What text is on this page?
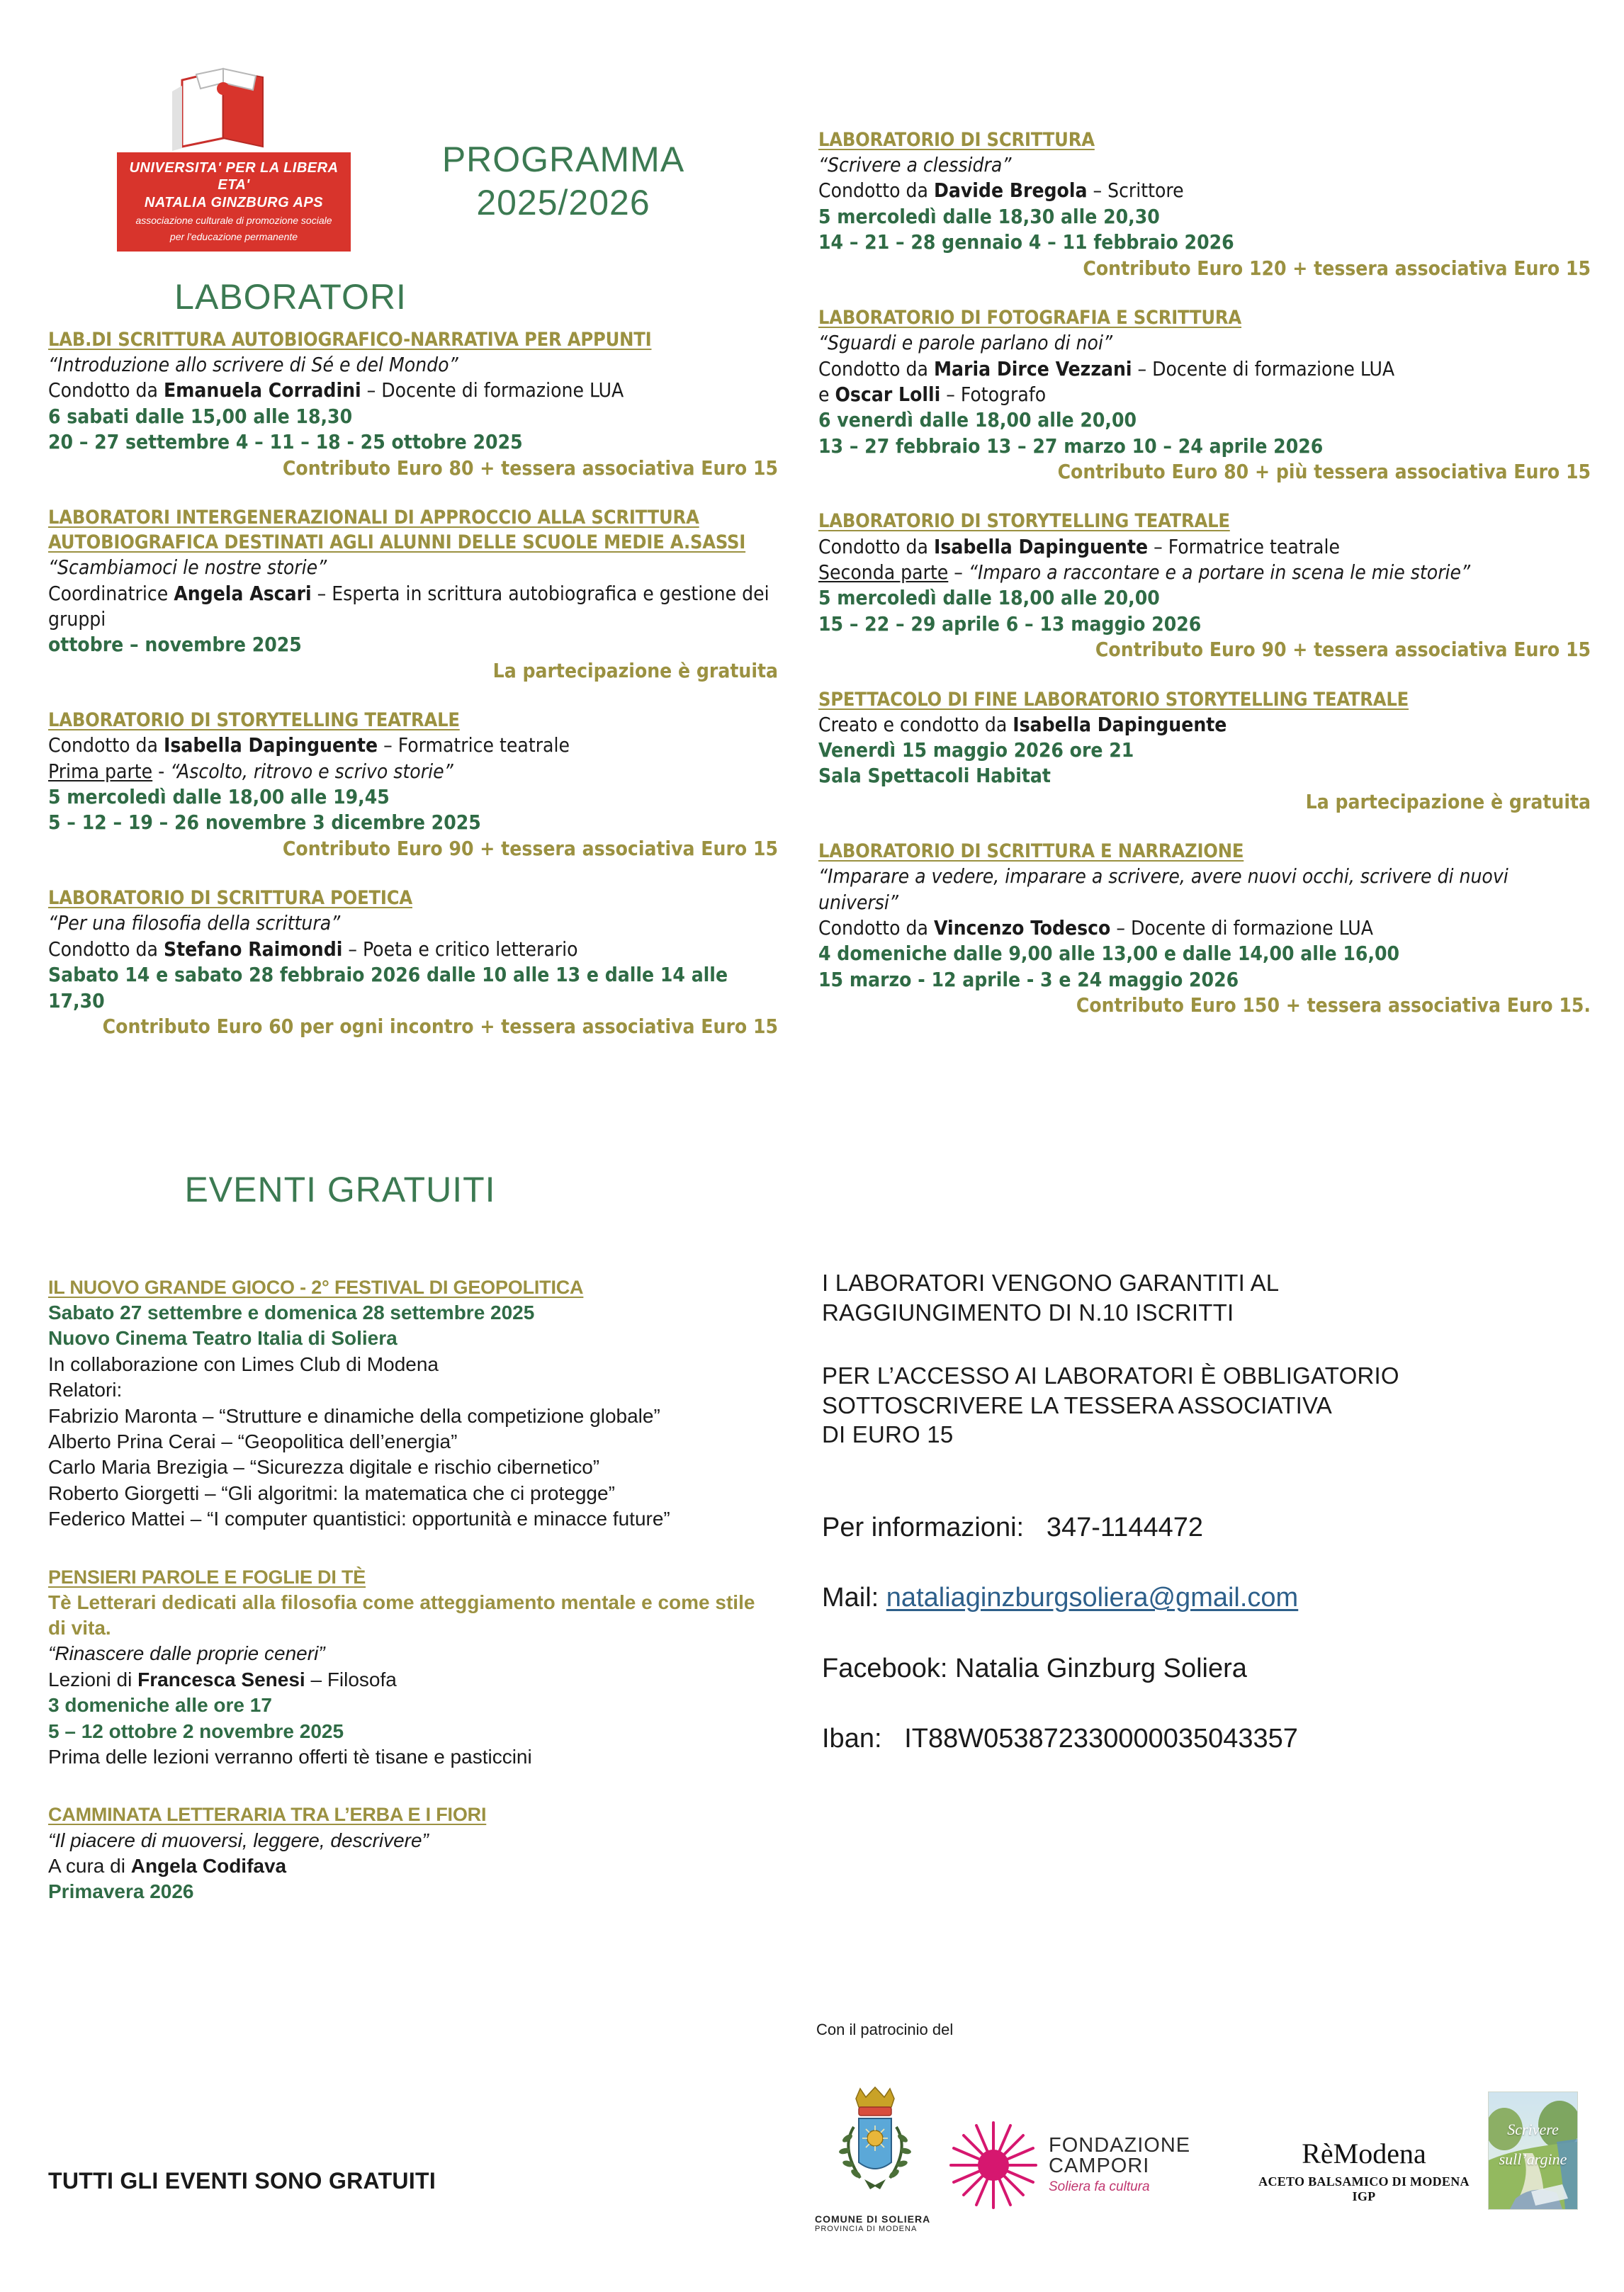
UNIVERSITA' PER LA LIBERA ETA'
NATALIA GINZBURG APS
associazione culturale di promozione sociale
per l'educazione permanente
PROGRAMMA
2025/2026
LABORATORI
LAB.DI SCRITTURA AUTOBIOGRAFICO-NARRATIVA PER APPUNTI
“Introduzione allo scrivere di Sé e del Mondo”
Condotto da Emanuela Corradini – Docente di formazione LUA
6 sabati dalle 15,00 alle 18,30
20 – 27 settembre 4 – 11 – 18 - 25 ottobre 2025
Contributo Euro 80 + tessera associativa Euro 15
LABORATORI INTERGENERAZIONALI DI APPROCCIO ALLA SCRITTURA AUTOBIOGRAFICA DESTINATI AGLI ALUNNI DELLE SCUOLE MEDIE A.SASSI
“Scambiamoci le nostre storie”
Coordinatrice Angela Ascari – Esperta in scrittura autobiografica e gestione dei gruppi
ottobre – novembre 2025
La partecipazione è gratuita
LABORATORIO DI STORYTELLING TEATRALE
Condotto da Isabella Dapinguente – Formatrice teatrale
Prima parte - “Ascolto, ritrovo e scrivo storie”
5 mercoledì dalle 18,00 alle 19,45
5 – 12 – 19 – 26 novembre 3 dicembre 2025
Contributo Euro 90 + tessera associativa Euro 15
LABORATORIO DI SCRITTURA POETICA
“Per una filosofia della scrittura”
Condotto da Stefano Raimondi – Poeta e critico letterario
Sabato 14 e sabato 28 febbraio 2026 dalle 10 alle 13 e dalle 14 alle 17,30
Contributo Euro 60 per ogni incontro + tessera associativa Euro 15
LABORATORIO DI SCRITTURA
“Scrivere a clessidra”
Condotto da Davide Bregola – Scrittore
5 mercoledì dalle 18,30 alle 20,30
14 – 21 – 28 gennaio 4 – 11 febbraio 2026
Contributo Euro 120 + tessera associativa Euro 15
LABORATORIO DI FOTOGRAFIA E SCRITTURA
“Sguardi e parole parlano di noi”
Condotto da Maria Dirce Vezzani – Docente di formazione LUA
e Oscar Lolli – Fotografo
6 venerdì dalle 18,00 alle 20,00
13 – 27 febbraio 13 – 27 marzo 10 – 24 aprile 2026
Contributo Euro 80 + più tessera associativa Euro 15
LABORATORIO DI STORYTELLING TEATRALE
Condotto da Isabella Dapinguente – Formatrice teatrale
Seconda parte – “Imparo a raccontare e a portare in scena le mie storie”
5 mercoledì dalle 18,00 alle 20,00
15 – 22 – 29 aprile 6 – 13 maggio 2026
Contributo Euro 90 + tessera associativa Euro 15
SPETTACOLO DI FINE LABORATORIO STORYTELLING TEATRALE
Creato e condotto da Isabella Dapinguente
Venerdì 15 maggio 2026 ore 21
Sala Spettacoli Habitat
La partecipazione è gratuita
LABORATORIO DI SCRITTURA E NARRAZIONE
“Imparare a vedere, imparare a scrivere, avere nuovi occhi, scrivere di nuovi universi”
Condotto da Vincenzo Todesco – Docente di formazione LUA
4 domeniche dalle 9,00 alle 13,00 e dalle 14,00 alle 16,00
15 marzo - 12 aprile - 3 e 24 maggio 2026
Contributo Euro 150 + tessera associativa Euro 15.
EVENTI GRATUITI
IL NUOVO GRANDE GIOCO - 2° FESTIVAL DI GEOPOLITICA
Sabato 27 settembre e domenica 28 settembre 2025
Nuovo Cinema Teatro Italia di Soliera
In collaborazione con Limes Club di Modena
Relatori:
Fabrizio Maronta – “Strutture e dinamiche della competizione globale”
Alberto Prina Cerai – “Geopolitica dell’energia”
Carlo Maria Brezigia – “Sicurezza digitale e rischio cibernetico”
Roberto Giorgetti – “Gli algoritmi: la matematica che ci protegge”
Federico Mattei – “I computer quantistici: opportunità e minacce future”
PENSIERI PAROLE E FOGLIE DI TÈ
Tè Letterari dedicati alla filosofia come atteggiamento mentale e come stile di vita.
“Rinascere dalle proprie ceneri”
Lezioni di Francesca Senesi – Filosofa
3 domeniche alle ore 17
5 – 12 ottobre 2 novembre 2025
Prima delle lezioni verranno offerti tè tisane e pasticcini
CAMMINATA LETTERARIA TRA L’ERBA E I FIORI
“Il piacere di muoversi, leggere, descrivere”
A cura di Angela Codifava
Primavera 2026
TUTTI GLI EVENTI SONO GRATUITI

I LABORATORI VENGONO GARANTITI AL

RAGGIUNGIMENTO DI N.10 ISCRITTI

PER L’ACCESSO AI LABORATORI È OBBLIGATORIO

SOTTOSCRIVERE LA TESSERA ASSOCIATIVA

DI EURO 15

Per informazioni: 347-1144472
Mail: nataliaginzburgsoliera@gmail.com
Facebook: Natalia Ginzburg Soliera
Iban: IT88W053872330000035043357
Con il patrocinio del
COMUNE DI SOLIERA
PROVINCIA DI MODENA
FONDAZIONE
CAMPORI
Soliera fa cultura
RèModena
ACETO BALSAMICO DI MODENA IGP
Scrivere
sull’argine
